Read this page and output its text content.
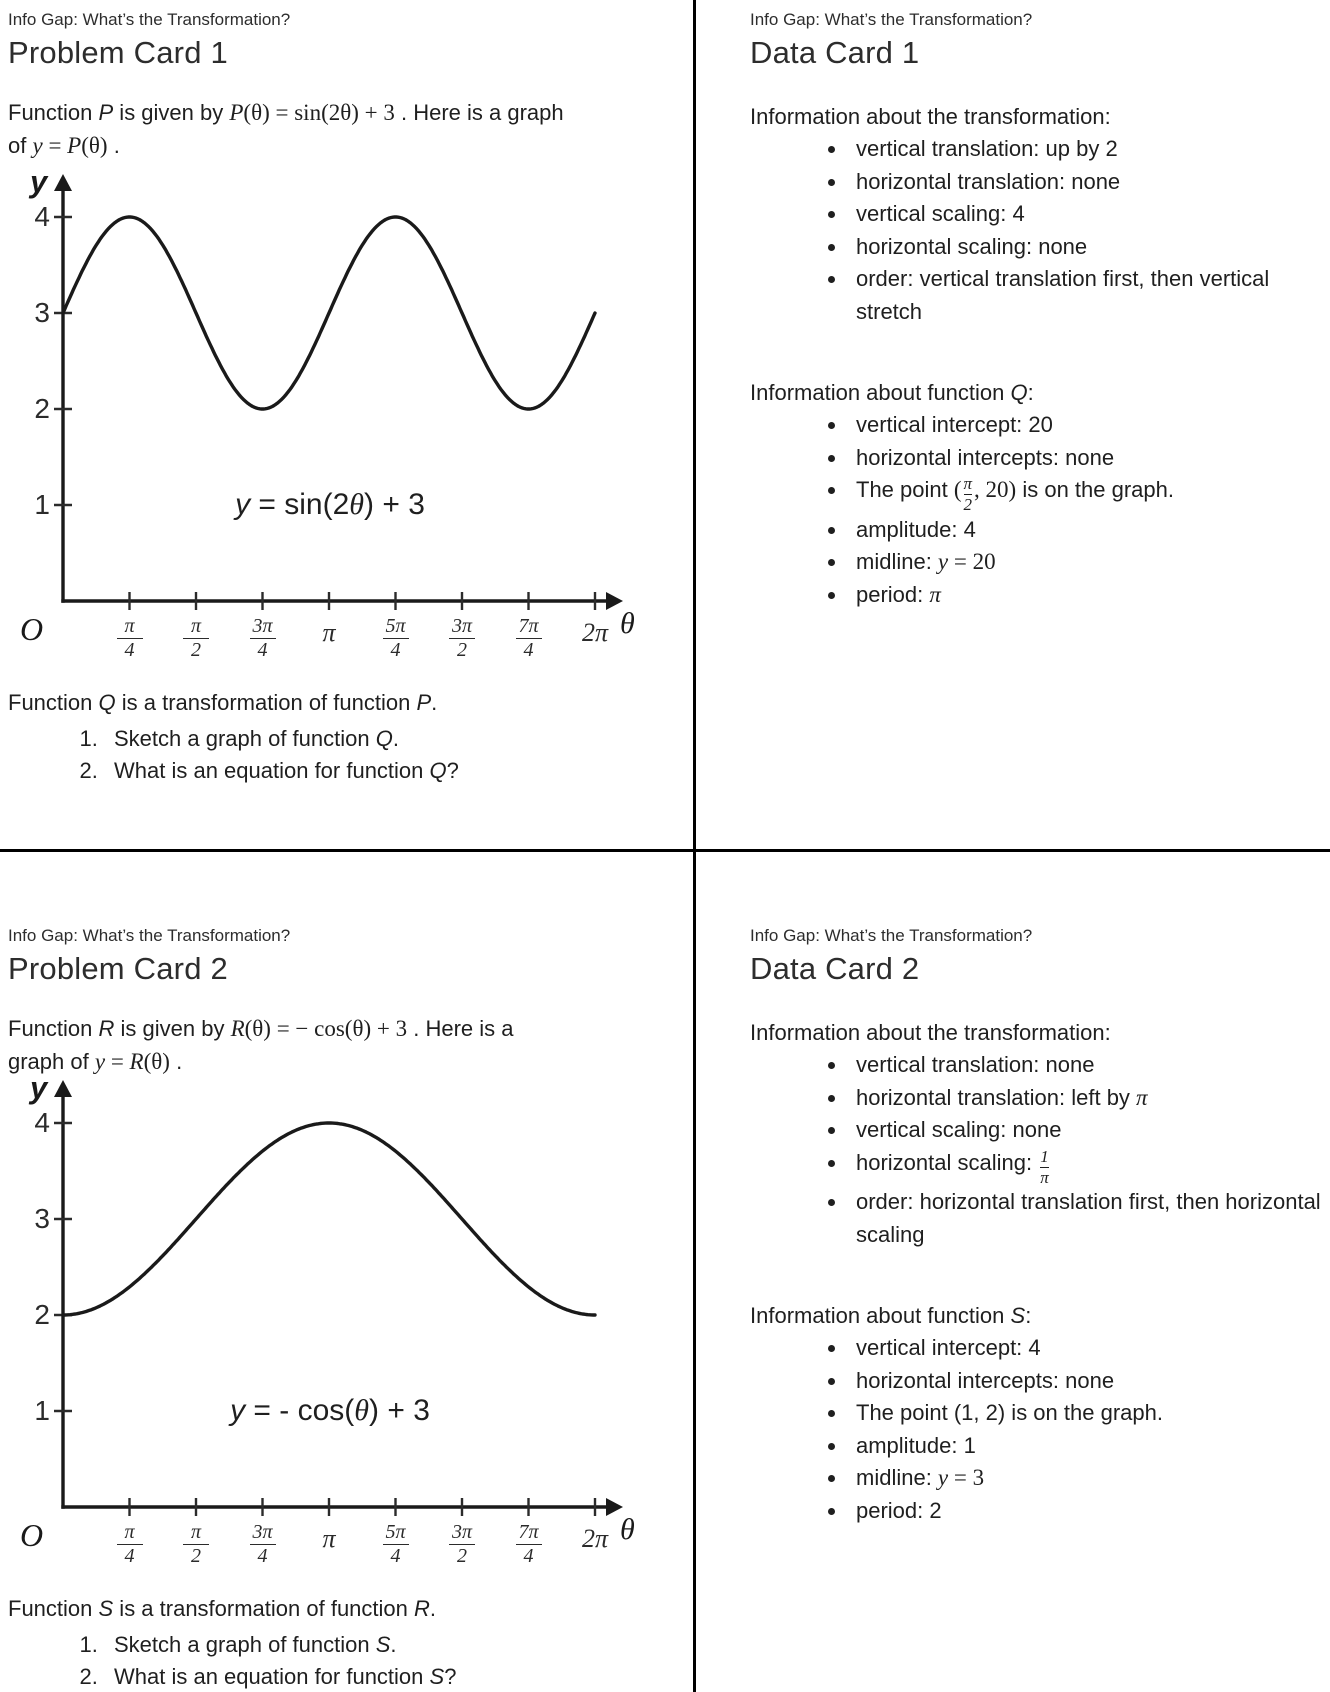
Info Gap: What’s the Transformation?
Problem Card 1

Function P is given by P(θ) = sin(2θ) + 3 . Here is a graph of y = P(θ) .

4
3
2
1
π
4
π
2
3π
4
π 5π
4
3π
2
7π
4
2π
y
θ
O
y = sin(2θ) + 3

Function Q is a transformation of function P.

1. Sketch a graph of function Q.
2. What is an equation for function Q?
Info Gap: What’s the Transformation?
Data Card 1

Information about the transformation:

• vertical translation: up by 2
• horizontal translation: none
• vertical scaling: 4
• horizontal scaling: none
• order: vertical translation first, then vertical stretch

Information about function Q:

• vertical intercept: 20
• horizontal intercepts: none
• The point ( $\frac{\pi}{2}$ , 20) is on the graph.
• amplitude: 4
• midline: y = 20
• period: π
Info Gap: What’s the Transformation?
Problem Card 2

Function R is given by R(θ) = − cos(θ) + 3 . Here is a graph of y = R(θ) .

4
3
2
1
π
4
π
2
3π
4
π 5π
4
3π
2
7π
4
2π
y
θ
O
y = - cos(θ) + 3

Function S is a transformation of function R.

1. Sketch a graph of function S.
2. What is an equation for function S?
Info Gap: What’s the Transformation?
Data Card 2

Information about the transformation:

• vertical translation: none
• horizontal translation: left by π
• vertical scaling: none
• horizontal scaling: $\frac{1}{\pi}$
• order: horizontal translation first, then horizontal scaling

Information about function S:

• vertical intercept: 4
• horizontal intercepts: none
• The point (1, 2) is on the graph.
• amplitude: 1
• midline: y = 3
• period: 2
